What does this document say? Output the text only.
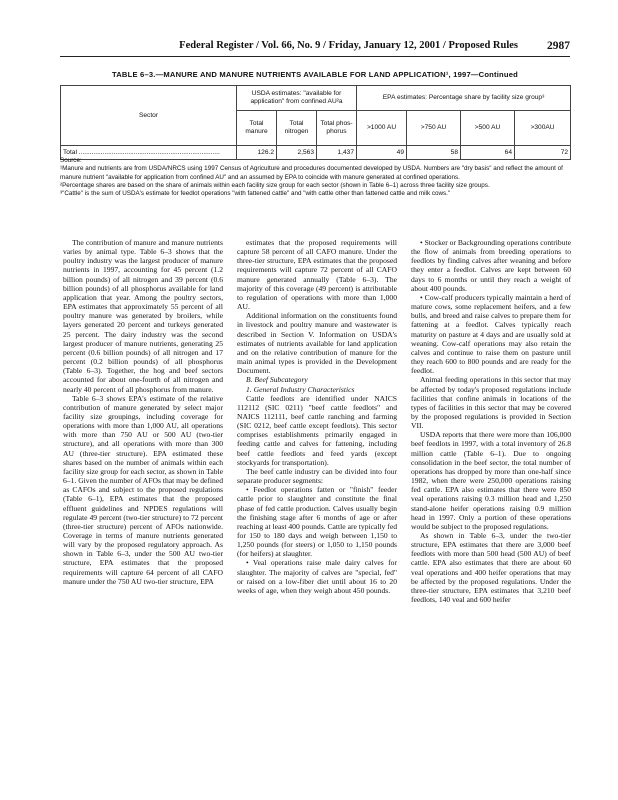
Federal Register / Vol. 66, No. 9 / Friday, January 12, 2001 / Proposed Rules	2987
TABLE 6–3.—MANURE AND MANURE NUTRIENTS AVAILABLE FOR LAND APPLICATION¹, 1997—Continued
Sector	USDA estimates: "available for application" from confined AU²a			EPA estimates: Percentage share by facility size group³			
	Total manure	Total nitrogen	Total phos-phorus	>1000 AU	>750 AU	>500 AU	>300AU
Total .............................................................................	126.2	2,563	1,437	49	58	64	72

Source:

¹Manure and nutrients are from USDA/NRCS using 1997 Census of Agriculture and procedures documented developed by USDA. Numbers are "dry basis" and reflect the amount of manure nutrient "available for application from confined AU" and an assumed by EPA to coincide with manure generated at confined operations.

²Percentage shares are based on the share of animals within each facility size group for each sector (shown in Table 6–1) across three facility size groups.

³"Cattle" is the sum of USDA's estimate for feedlot operations "with fattened cattle" and "with cattle other than fattened cattle and milk cows."

The contribution of manure and manure nutrients varies by animal type. Table 6–3 shows that the poultry industry was the largest producer of manure nutrients in 1997, accounting for 45 percent (1.2 billion pounds) of all nitrogen and 39 percent (0.6 billion pounds) of all phosphorus available for land application that year. Among the poultry sectors, EPA estimates that approximately 55 percent of all poultry manure was generated by broilers, while layers generated 20 percent and turkeys generated 25 percent. The dairy industry was the second largest producer of manure nutrients, generating 25 percent (0.6 billion pounds) of all nitrogen and 17 percent (0.2 billion pounds) of all phosphorus (Table 6–3). Together, the hog and beef sectors accounted for about one-fourth of all nitrogen and nearly 40 percent of all phosphorus from manure.

Table 6–3 shows EPA's estimate of the relative contribution of manure generated by select major facility size groupings, including coverage for operations with more than 1,000 AU, all operations with more than 750 AU or 500 AU (two-tier structure), and all operations with more than 300 AU (three-tier structure). EPA estimated these shares based on the number of animals within each facility size group for each sector, as shown in Table 6–1. Given the number of AFOs that may be defined as CAFOs and subject to the proposed regulations (Table 6–1), EPA estimates that the proposed effluent guidelines and NPDES regulations will regulate 49 percent (two-tier structure) to 72 percent (three-tier structure) percent of AFOs nationwide. Coverage in terms of manure nutrients generated will vary by the proposed regulatory approach. As shown in Table 6–3, under the 500 AU two-tier structure, EPA estimates that the proposed requirements will capture 64 percent of all CAFO manure under the 750 AU two-tier structure, EPA

estimates that the proposed requirements will capture 58 percent of all CAFO manure. Under the three-tier structure, EPA estimates that the proposed requirements will capture 72 percent of all CAFO manure generated annually (Table 6–3). The majority of this coverage (49 percent) is attributable to regulation of operations with more than 1,000 AU.

Additional information on the constituents found in livestock and poultry manure and wastewater is described in Section V. Information on USDA's estimates of nutrients available for land application and on the relative contribution of manure for the main animal types is provided in the Development Document.

B. Beef Subcategory

1. General Industry Characteristics

Cattle feedlots are identified under NAICS 112112 (SIC 0211) "beef cattle feedlots" and NAICS 112111, beef cattle ranching and farming (SIC 0212, beef cattle except feedlots). This sector comprises establishments primarily engaged in feeding cattle and calves for fattening, including beef cattle feedlots and feed yards (except stockyards for transportation).

The beef cattle industry can be divided into four separate producer segments:

• Feedlot operations fatten or "finish" feeder cattle prior to slaughter and constitute the final phase of fed cattle production. Calves usually begin the finishing stage after 6 months of age or after reaching at least 400 pounds. Cattle are typically fed for 150 to 180 days and weigh between 1,150 to 1,250 pounds (for steers) or 1,050 to 1,150 pounds (for heifers) at slaughter.

• Veal operations raise male dairy calves for slaughter. The majority of calves are "special, fed" or raised on a low-fiber diet until about 16 to 20 weeks of age, when they weigh about 450 pounds.

• Stocker or Backgrounding operations contribute the flow of animals from breeding operations to feedlots by finding calves after weaning and before they enter a feedlot. Calves are kept between 60 days to 6 months or until they reach a weight of about 400 pounds.

• Cow-calf producers typically maintain a herd of mature cows, some replacement heifers, and a few bulls, and breed and raise calves to prepare them for fattening at a feedlot. Calves typically reach maturity on pasture at 4 days and are usually sold at weaning. Cow-calf operations may also retain the calves and continue to raise them on pasture until they reach 600 to 800 pounds and are ready for the feedlot.

Animal feeding operations in this sector that may be affected by today's proposed regulations include facilities that confine animals in locations of the types of facilities in this sector that may be covered by the proposed regulations is provided in Section VII.

USDA reports that there were more than 106,000 beef feedlots in 1997, with a total inventory of 26.8 million cattle (Table 6–1). Due to ongoing consolidation in the beef sector, the total number of operations has dropped by more than one-half since 1982, when there were 250,000 operations raising fed cattle. EPA also estimates that there were 850 veal operations raising 0.3 million head and 1,250 stand-alone heifer operations raising 0.9 million head in 1997. Only a portion of these operations would be subject to the proposed regulations.

As shown in Table 6–3, under the two-tier structure, EPA estimates that there are 3,000 beef feedlots with more than 500 head (500 AU) of beef cattle. EPA also estimates that there are about 60 veal operations and 400 heifer operations that may be affected by the proposed regulations. Under the three-tier structure, EPA estimates that 3,210 beef feedlots, 140 veal and 600 heifer
